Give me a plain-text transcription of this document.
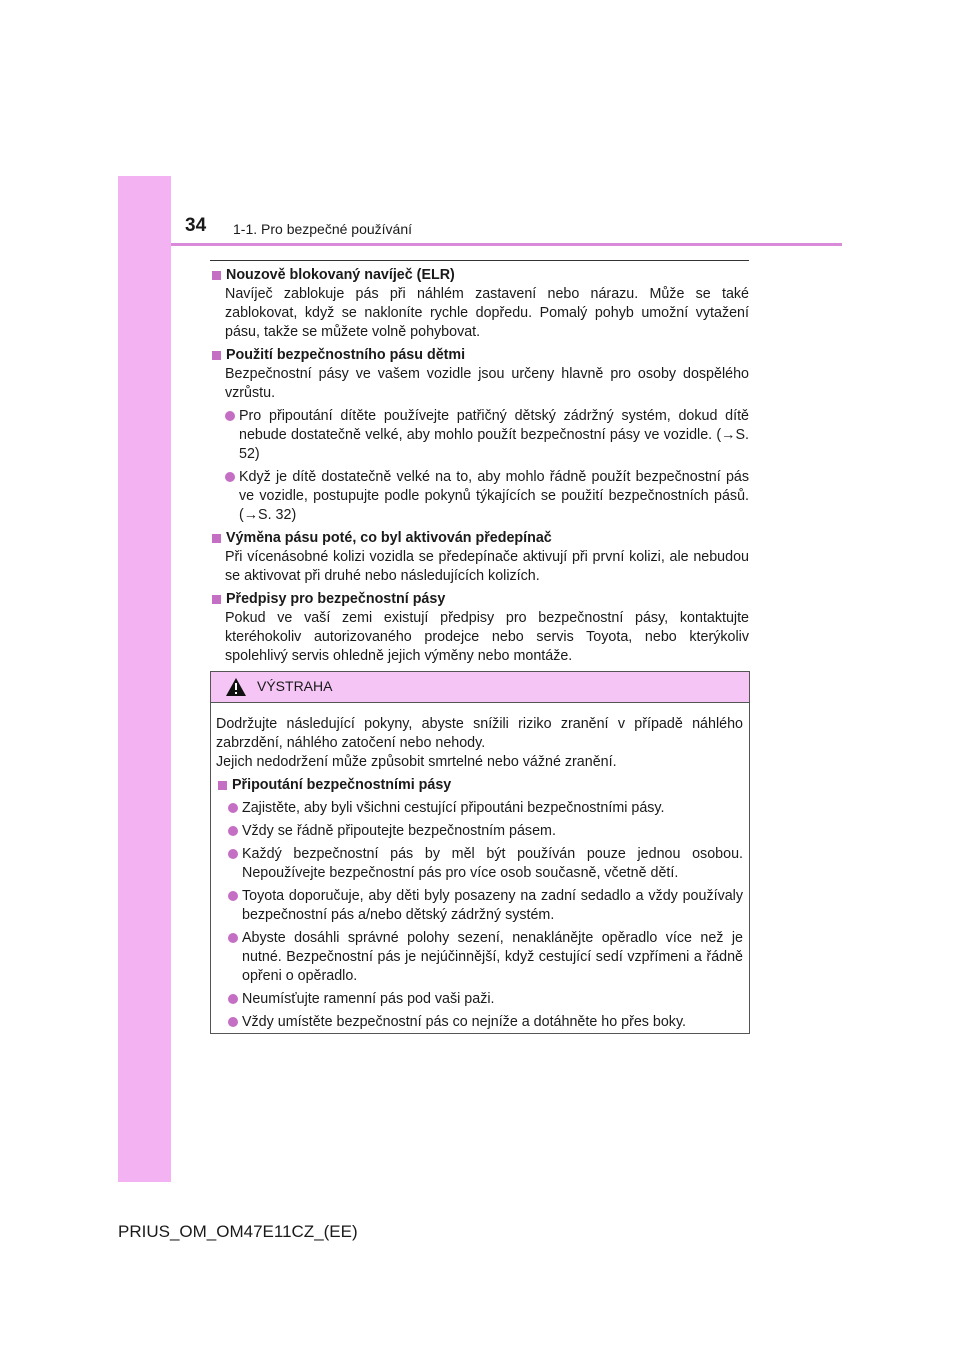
34 1-1. Pro bezpečné používání
Nouzově blokovaný navíječ (ELR)
Navíječ zablokuje pás při náhlém zastavení nebo nárazu. Může se také zablokovat, když se nakloníte rychle dopředu. Pomalý pohyb umožní vytažení pásu, takže se můžete volně pohybovat.
Použití bezpečnostního pásu dětmi
Bezpečnostní pásy ve vašem vozidle jsou určeny hlavně pro osoby dospělého vzrůstu.
Pro připoutání dítěte používejte patřičný dětský zádržný systém, dokud dítě nebude dostatečně velké, aby mohlo použít bezpečnostní pásy ve vozidle. (→S. 52)
Když je dítě dostatečně velké na to, aby mohlo řádně použít bezpečnostní pás ve vozidle, postupujte podle pokynů týkajících se použití bezpečnostních pásů. (→S. 32)
Výměna pásu poté, co byl aktivován předepínač
Při vícenásobné kolizi vozidla se předepínače aktivují při první kolizi, ale nebudou se aktivovat při druhé nebo následujících kolizích.
Předpisy pro bezpečnostní pásy
Pokud ve vaší zemi existují předpisy pro bezpečnostní pásy, kontaktujte kteréhokoliv autorizovaného prodejce nebo servis Toyota, nebo kterýkoliv spolehlivý servis ohledně jejich výměny nebo montáže.
VÝSTRAHA
Dodržujte následující pokyny, abyste snížili riziko zranění v případě náhlého zabrzdění, náhlého zatočení nebo nehody.
Jejich nedodržení může způsobit smrtelné nebo vážné zranění.
Připoutání bezpečnostními pásy
Zajistěte, aby byli všichni cestující připoutáni bezpečnostními pásy.
Vždy se řádně připoutejte bezpečnostním pásem.
Každý bezpečnostní pás by měl být používán pouze jednou osobou. Nepoužívejte bezpečnostní pás pro více osob současně, včetně dětí.
Toyota doporučuje, aby děti byly posazeny na zadní sedadlo a vždy používaly bezpečnostní pás a/nebo dětský zádržný systém.
Abyste dosáhli správné polohy sezení, nenaklánějte opěradlo více než je nutné. Bezpečnostní pás je nejúčinnější, když cestující sedí vzpřímeni a řádně opřeni o opěradlo.
Neumísťujte ramenní pás pod vaši paži.
Vždy umístěte bezpečnostní pás co nejníže a dotáhněte ho přes boky.
PRIUS_OM_OM47E11CZ_(EE)
